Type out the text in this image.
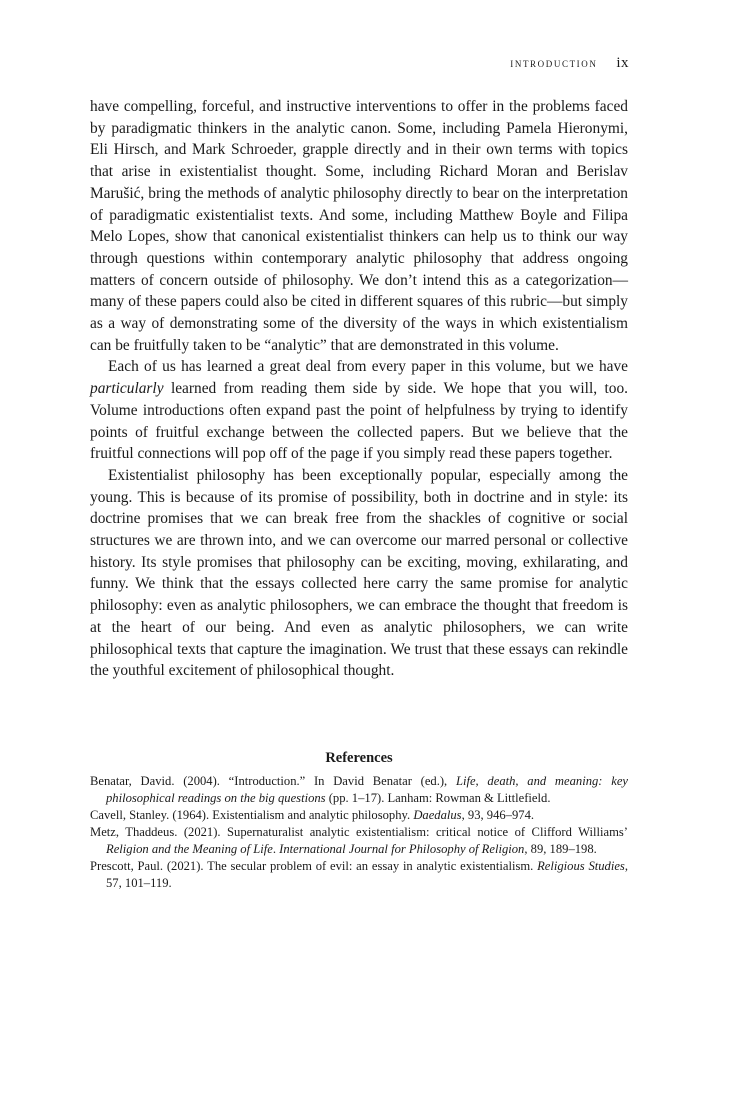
introduction ix

have compelling, forceful, and instructive interventions to offer in the problems faced by paradigmatic thinkers in the analytic canon. Some, including Pamela Hieronymi, Eli Hirsch, and Mark Schroeder, grapple directly and in their own terms with topics that arise in existentialist thought. Some, including Richard Moran and Berislav Marušić, bring the methods of analytic philosophy directly to bear on the interpretation of paradigmatic existentialist texts. And some, including Matthew Boyle and Filipa Melo Lopes, show that canonical existentialist thinkers can help us to think our way through questions within contemporary analytic philosophy that address ongoing matters of concern outside of philosophy. We don’t intend this as a categorization—many of these papers could also be cited in different squares of this rubric—but simply as a way of demonstrating some of the diversity of the ways in which existentialism can be fruitfully taken to be “analytic” that are demonstrated in this volume.

Each of us has learned a great deal from every paper in this volume, but we have particularly learned from reading them side by side. We hope that you will, too. Volume introductions often expand past the point of helpfulness by trying to identify points of fruitful exchange between the collected papers. But we believe that the fruitful connections will pop off of the page if you simply read these papers together.

Existentialist philosophy has been exceptionally popular, especially among the young. This is because of its promise of possibility, both in doctrine and in style: its doctrine promises that we can break free from the shackles of cognitive or social structures we are thrown into, and we can overcome our marred personal or collective history. Its style promises that philosophy can be exciting, moving, exhilarating, and funny. We think that the essays collected here carry the same promise for analytic philosophy: even as analytic philosophers, we can embrace the thought that freedom is at the heart of our being. And even as analytic philosophers, we can write philosophical texts that capture the imagination. We trust that these essays can rekindle the youthful excitement of philosophical thought.

References
Benatar, David. (2004). “Introduction.” In David Benatar (ed.), Life, death, and meaning: key philosophical readings on the big questions (pp. 1–17). Lanham: Rowman & Littlefield.
Cavell, Stanley. (1964). Existentialism and analytic philosophy. Daedalus, 93, 946–974.
Metz, Thaddeus. (2021). Supernaturalist analytic existentialism: critical notice of Clifford Williams’ Religion and the Meaning of Life. International Journal for Philosophy of Religion, 89, 189–198.
Prescott, Paul. (2021). The secular problem of evil: an essay in analytic existentialism. Religious Studies, 57, 101–119.
